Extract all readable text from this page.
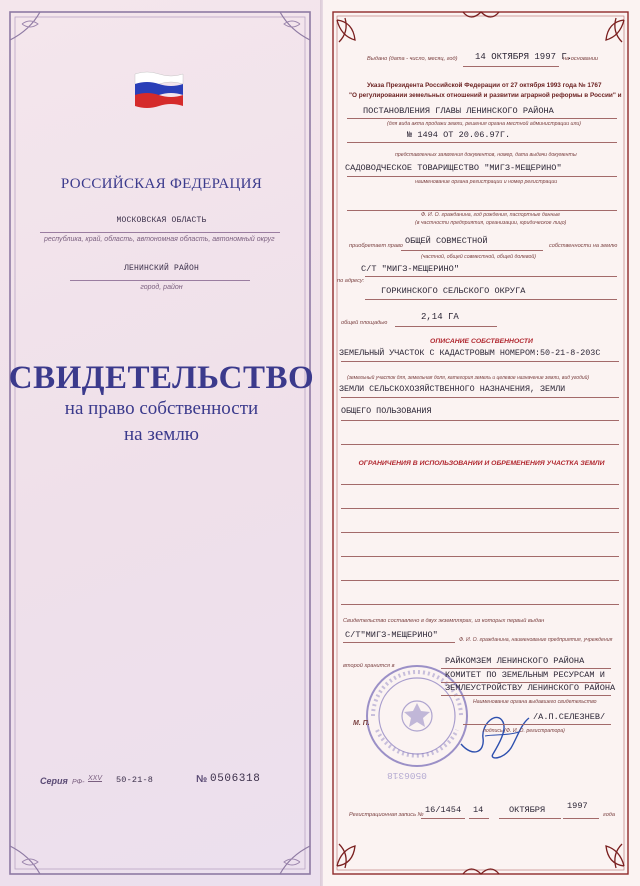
РОССИЙСКАЯ ФЕДЕРАЦИЯ
МОСКОВСКАЯ ОБЛАСТЬ
республика, край, область, автономная область, автономный округ
ЛЕНИНСКИЙ РАЙОН
город, район
СВИДЕТЕЛЬСТВО
на право собственности
на землю
Серия РФ-
XXV 50-21-8	№ 0506318
Выдано (дата - число, месяц, год) 14 ОКТЯБРЯ 1997 Г.
на основании
Указа Президента Российской Федерации от 27 октября 1993 года № 1767
"О регулировании земельных отношений и развитии аграрной реформы в России" и
ПОСТАНОВЛЕНИЯ ГЛАВЫ ЛЕНИНСКОГО РАЙОНА
(для вида акта продажи земли, решения органа местной администрации или)
№ 1494 ОТ 20.06.97Г.
представленных заявления документов, номер, дата выдачи документы
САДОВОДЧЕСКОЕ ТОВАРИЩЕСТВО "МИГЗ-МЕЩЕРИНО"
наименование органа регистрации и номер регистрации
Ф. И. О. гражданина, год рождения, паспортные данные
(в частности предприятия, организации, юридическое лицо)
приобретает право ОБЩЕЙ СОВМЕСТНОЙ	собственности на землю
(частной, общей совместной, общей долевой)
по адресу:
С/Т "МИГЗ-МЕЩЕРИНО"
ГОРКИНСКОГО СЕЛЬСКОГО ОКРУГА
общей площадью
2,14 ГА
ОПИСАНИЕ СОБСТВЕННОСТИ
ЗЕМЕЛЬНЫЙ УЧАСТОК С КАДАСТРОВЫМ НОМЕРОМ:50-21-8-203С
(земельный участок для, земельная доля, категория земель и целевое назначение земли, вид угодий)
ЗЕМЛИ СЕЛЬСКОХОЗЯЙСТВЕННОГО НАЗНАЧЕНИЯ, ЗЕМЛИ
ОБЩЕГО ПОЛЬЗОВАНИЯ
ОГРАНИЧЕНИЯ В ИСПОЛЬЗОВАНИИ И ОБРЕМЕНЕНИЯ УЧАСТКА ЗЕМЛИ
Свидетельство составлено в двух экземплярах, из которых первый выдан
С/Т"МИГЗ-МЕЩЕРИНО"	Ф. И. О. гражданина, наименование предприятия, учреждения
второй хранится в	РАЙКОМЗЕМ ЛЕНИНСКОГО РАЙОНА
КОМИТЕТ ПО ЗЕМЕЛЬНЫМ РЕСУРСАМ И
ЗЕМЛЕУСТРОЙСТВУ ЛЕНИНСКОГО РАЙОНА
Наименование органа выдавшего свидетельство
М. П.
/А.П.СЕЛЕЗНЕВ/
подпись (Ф. И. О. регистратора)
0506318
Регистрационная запись № 16/1454 14	ОКТЯБРЯ	1997
года
